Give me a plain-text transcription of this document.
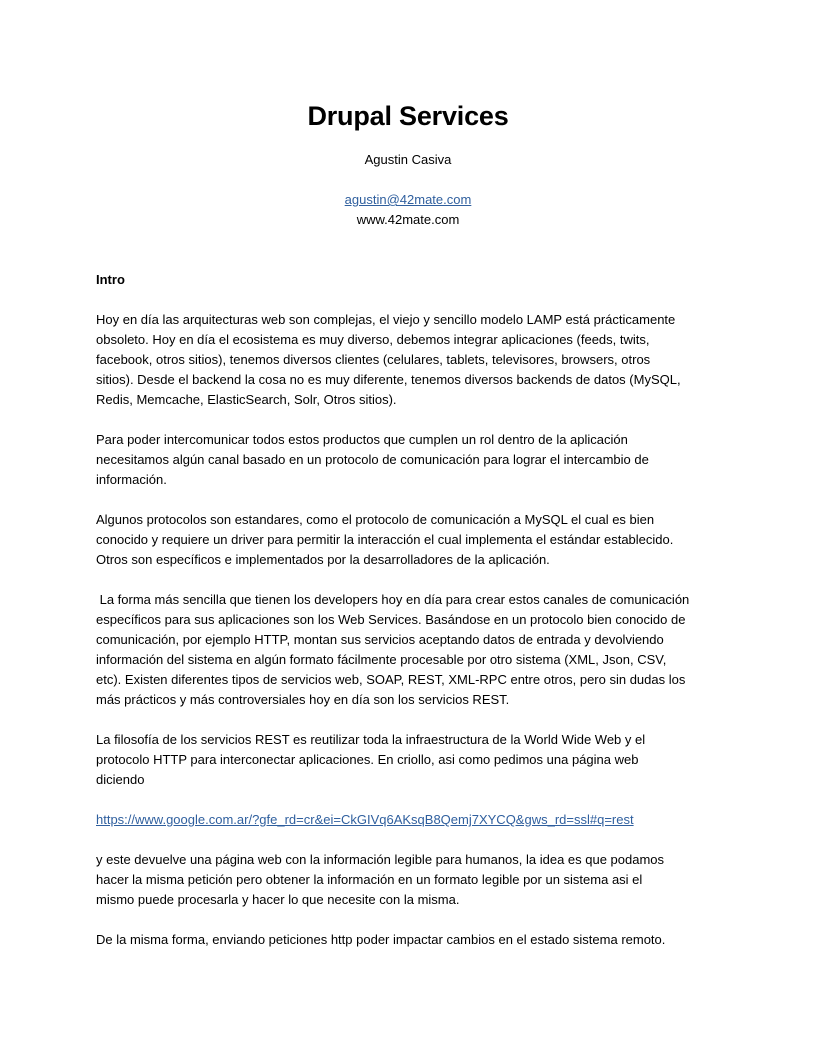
Drupal Services

Agustin Casiva

agustin@42mate.com

www.42mate.com

Intro

Hoy en día las arquitecturas web son complejas, el viejo y sencillo modelo LAMP está prácticamente
obsoleto. Hoy en día el ecosistema es muy diverso, debemos integrar aplicaciones (feeds, twits,
facebook, otros sitios), tenemos diversos clientes (celulares, tablets, televisores, browsers, otros
sitios). Desde el backend la cosa no es muy diferente, tenemos diversos backends de datos (MySQL,
Redis, Memcache, ElasticSearch, Solr, Otros sitios).

Para poder intercomunicar todos estos productos que cumplen un rol dentro de la aplicación
necesitamos algún canal basado en un protocolo de comunicación para lograr el intercambio de
información.

Algunos protocolos son estandares, como el protocolo de comunicación a MySQL el cual es bien
conocido y requiere un driver para permitir la interacción el cual implementa el estándar establecido.
Otros son específicos e implementados por la desarrolladores de la aplicación.

La forma más sencilla que tienen los developers hoy en día para crear estos canales de comunicación
específicos para sus aplicaciones son los Web Services. Basándose en un protocolo bien conocido de
comunicación, por ejemplo HTTP, montan sus servicios aceptando datos de entrada y devolviendo
información del sistema en algún formato fácilmente procesable por otro sistema (XML, Json, CSV,
etc). Existen diferentes tipos de servicios web, SOAP, REST, XML-RPC entre otros, pero sin dudas los
más prácticos y más controversiales hoy en día son los servicios REST.

La filosofía de los servicios REST es reutilizar toda la infraestructura de la World Wide Web y el
protocolo HTTP para interconectar aplicaciones. En criollo, asi como pedimos una página web
diciendo

https://www.google.com.ar/?gfe_rd=cr&ei=CkGIVq6AKsqB8Qemj7XYCQ&gws_rd=ssl#q=rest

y este devuelve una página web con la información legible para humanos, la idea es que podamos
hacer la misma petición pero obtener la información en un formato legible por un sistema asi el
mismo puede procesarla y hacer lo que necesite con la misma.

De la misma forma, enviando peticiones http poder impactar cambios en el estado sistema remoto.
